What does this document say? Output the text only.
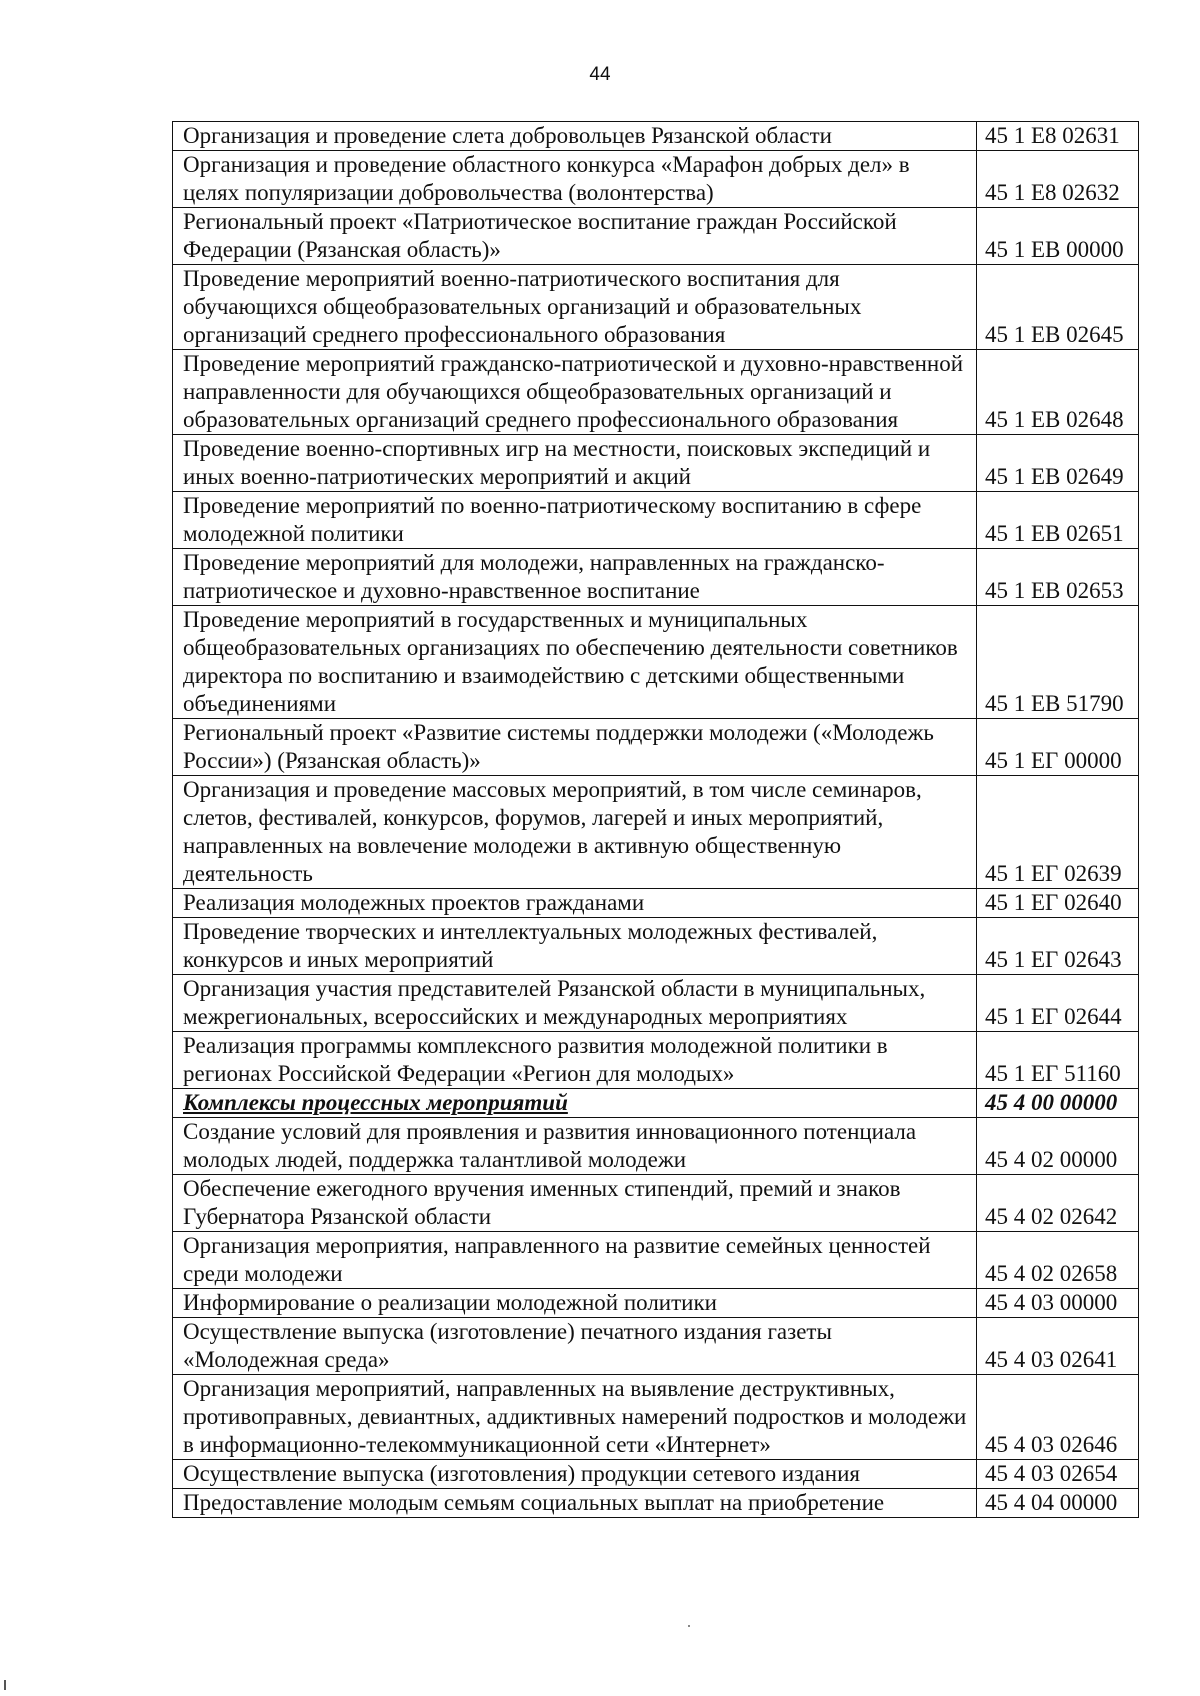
44
Организация и проведение слета добровольцев Рязанской области	45 1 E8 02631
Организация и проведение областного конкурса «Марафон добрых дел» в целях популяризации добровольчества (волонтерства)	45 1 E8 02632
Региональный проект «Патриотическое воспитание граждан Российской Федерации (Рязанская область)»	45 1 ЕВ 00000
Проведение мероприятий военно-патриотического воспитания для обучающихся общеобразовательных организаций и образовательных организаций среднего профессионального образования	45 1 ЕВ 02645
Проведение мероприятий гражданско-патриотической и духовно-нравственной направленности для обучающихся общеобразовательных организаций и образовательных организаций среднего профессионального образования	45 1 ЕВ 02648
Проведение военно-спортивных игр на местности, поисковых экспедиций и иных военно-патриотических мероприятий и акций	45 1 ЕВ 02649
Проведение мероприятий по военно-патриотическому воспитанию в сфере молодежной политики	45 1 ЕВ 02651
Проведение мероприятий для молодежи, направленных на гражданско-патриотическое и духовно-нравственное воспитание	45 1 ЕВ 02653
Проведение мероприятий в государственных и муниципальных общеобразовательных организациях по обеспечению деятельности советников директора по воспитанию и взаимодействию с детскими общественными объединениями	45 1 ЕВ 51790
Региональный проект «Развитие системы поддержки молодежи («Молодежь России») (Рязанская область)»	45 1 ЕГ 00000
Организация и проведение массовых мероприятий, в том числе семинаров, слетов, фестивалей, конкурсов, форумов, лагерей и иных мероприятий, направленных на вовлечение молодежи в активную общественную деятельность	45 1 ЕГ 02639
Реализация молодежных проектов гражданами	45 1 ЕГ 02640
Проведение творческих и интеллектуальных молодежных фестивалей, конкурсов и иных мероприятий	45 1 ЕГ 02643
Организация участия представителей Рязанской области в муниципальных, межрегиональных, всероссийских и международных мероприятиях	45 1 ЕГ 02644
Реализация программы комплексного развития молодежной политики в регионах Российской Федерации «Регион для молодых»	45 1 ЕГ 51160
Комплексы процессных мероприятий	45 4 00 00000
Создание условий для проявления и развития инновационного потенциала молодых людей, поддержка талантливой молодежи	45 4 02 00000
Обеспечение ежегодного вручения именных стипендий, премий и знаков Губернатора Рязанской области	45 4 02 02642
Организация мероприятия, направленного на развитие семейных ценностей среди молодежи	45 4 02 02658
Информирование о реализации молодежной политики	45 4 03 00000
Осуществление выпуска (изготовление) печатного издания газеты «Молодежная среда»	45 4 03 02641
Организация мероприятий, направленных на выявление деструктивных, противоправных, девиантных, аддиктивных намерений подростков и молодежи в информационно-телекоммуникационной сети «Интернет»	45 4 03 02646
Осуществление выпуска (изготовления) продукции сетевого издания	45 4 03 02654
Предоставление молодым семьям социальных выплат на приобретение	45 4 04 00000
